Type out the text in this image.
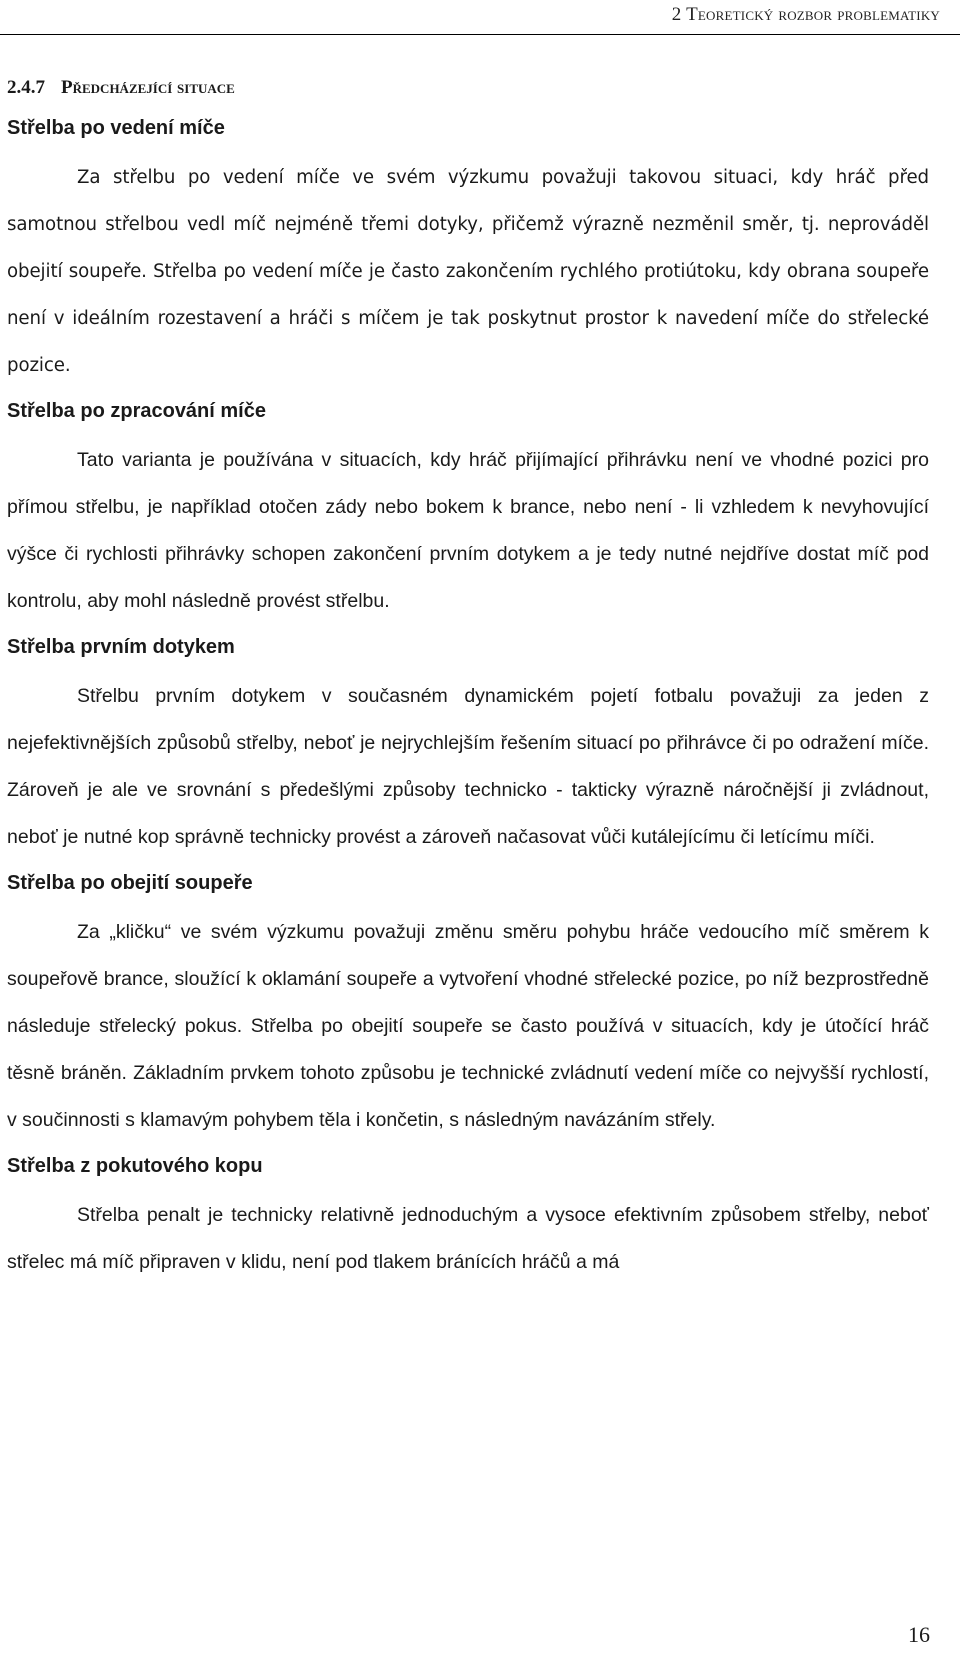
2 Teoretický rozbor problematiky
2.4.7 Předcházející situace
Střelba po vedení míče

Za střelbu po vedení míče ve svém výzkumu považuji takovou situaci, kdy hráč před samotnou střelbou vedl míč nejméně třemi dotyky, přičemž výrazně nezměnil směr, tj. neprováděl obejití soupeře. Střelba po vedení míče je často zakončením rychlého protiútoku, kdy obrana soupeře není v ideálním rozestavení a hráči s míčem je tak poskytnut prostor k navedení míče do střelecké pozice.

Střelba po zpracování míče

Tato varianta je používána v situacích, kdy hráč přijímající přihrávku není ve vhodné pozici pro přímou střelbu, je například otočen zády nebo bokem k brance, nebo není - li vzhledem k nevyhovující výšce či rychlosti přihrávky schopen zakončení prvním dotykem a je tedy nutné nejdříve dostat míč pod kontrolu, aby mohl následně provést střelbu.

Střelba prvním dotykem

Střelbu prvním dotykem v současném dynamickém pojetí fotbalu považuji za jeden z nejefektivnějších způsobů střelby, neboť je nejrychlejším řešením situací po přihrávce či po odražení míče. Zároveň je ale ve srovnání s předešlými způsoby technicko - takticky výrazně náročnější ji zvládnout, neboť je nutné kop správně technicky provést a zároveň načasovat vůči kutálejícímu či letícímu míči.

Střelba po obejití soupeře

Za „kličku“ ve svém výzkumu považuji změnu směru pohybu hráče vedoucího míč směrem k soupeřově brance, sloužící k oklamání soupeře a vytvoření vhodné střelecké pozice, po níž bezprostředně následuje střelecký pokus. Střelba po obejití soupeře se často používá v situacích, kdy je útočící hráč těsně bráněn. Základním prvkem tohoto způsobu je technické zvládnutí vedení míče co nejvyšší rychlostí, v součinnosti s klamavým pohybem těla i končetin, s následným navázáním střely.

Střelba z pokutového kopu

Střelba penalt je technicky relativně jednoduchým a vysoce efektivním způsobem střelby, neboť střelec má míč připraven v klidu, není pod tlakem bránících hráčů a má

16
